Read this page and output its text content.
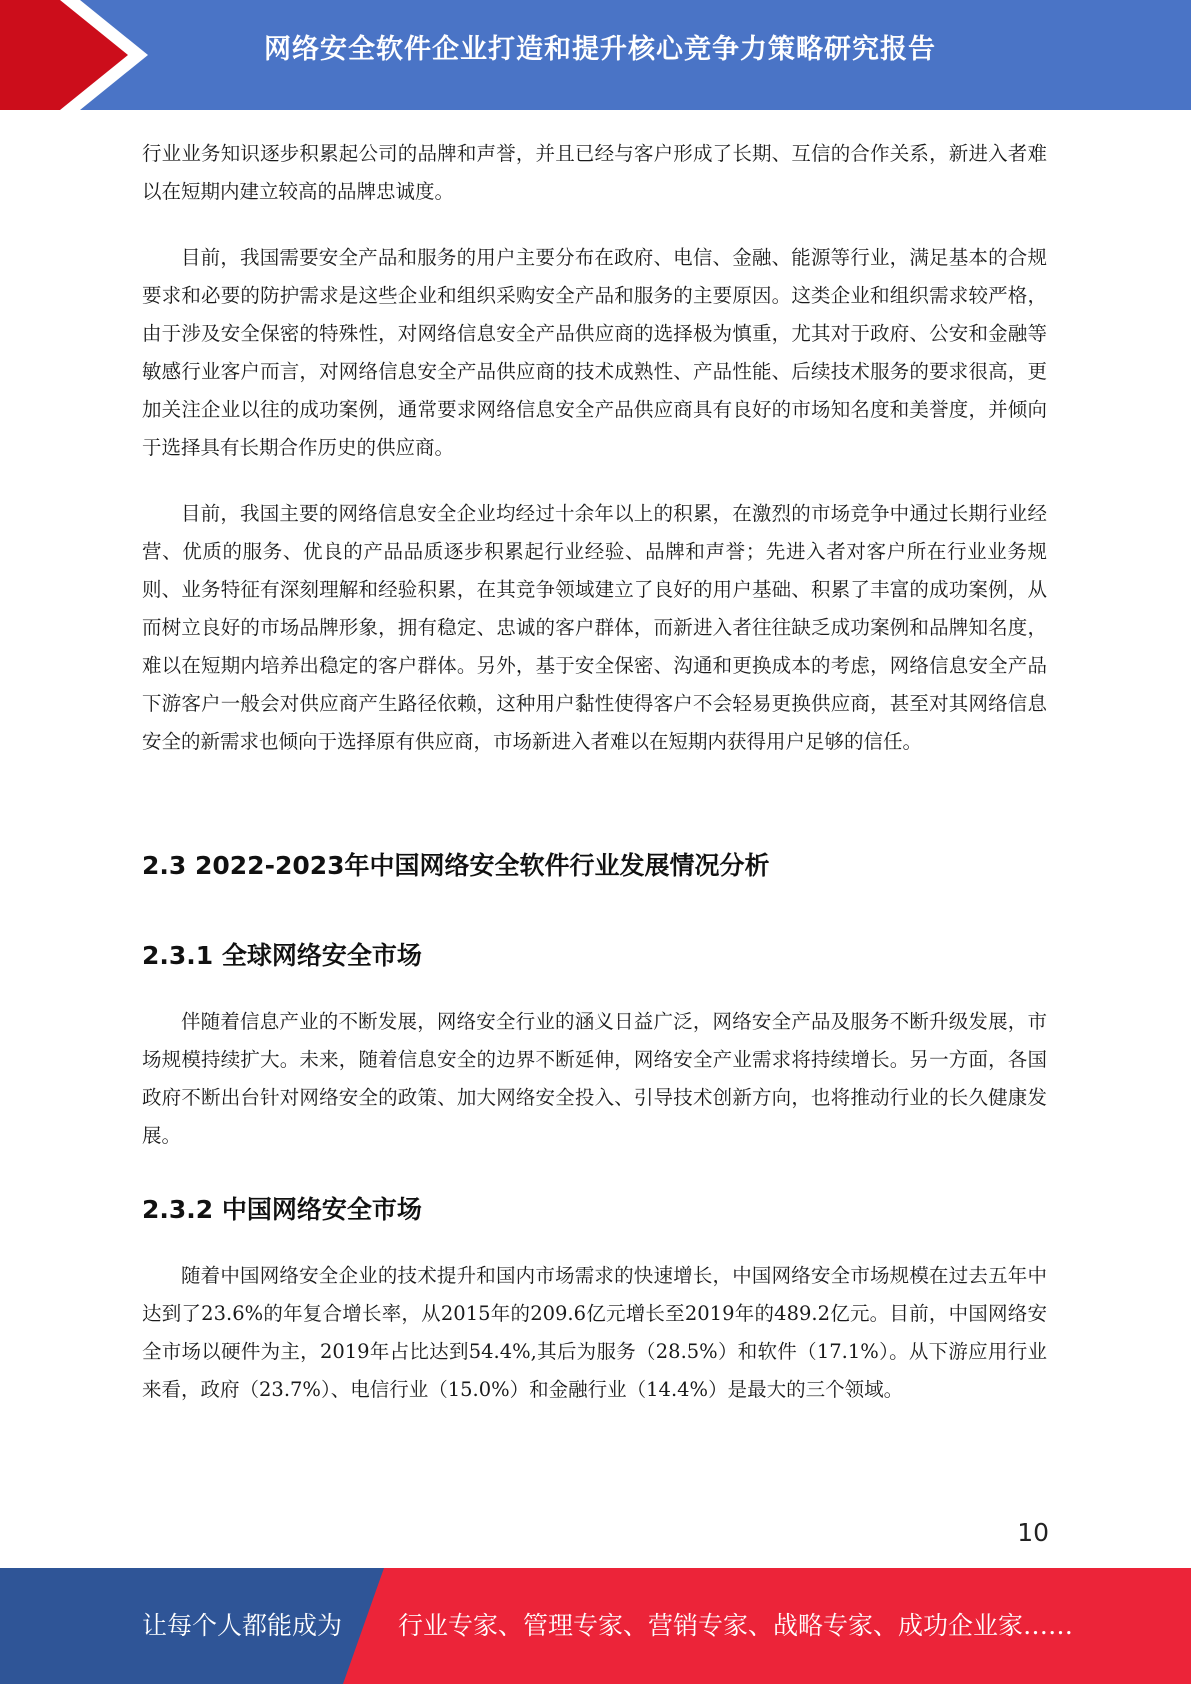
网络安全软件企业打造和提升核心竞争力策略研究报告

行业业务知识逐步积累起公司的品牌和声誉，并且已经与客户形成了长期、互信的合作关系，新进入者难以在短期内建立较高的品牌忠诚度。

目前，我国需要安全产品和服务的用户主要分布在政府、电信、金融、能源等行业，满足基本的合规要求和必要的防护需求是这些企业和组织采购安全产品和服务的主要原因。这类企业和组织需求较严格，由于涉及安全保密的特殊性，对网络信息安全产品供应商的选择极为慎重，尤其对于政府、公安和金融等敏感行业客户而言，对网络信息安全产品供应商的技术成熟性、产品性能、后续技术服务的要求很高，更加关注企业以往的成功案例，通常要求网络信息安全产品供应商具有良好的市场知名度和美誉度，并倾向于选择具有长期合作历史的供应商。

目前，我国主要的网络信息安全企业均经过十余年以上的积累，在激烈的市场竞争中通过长期行业经营、优质的服务、优良的产品品质逐步积累起行业经验、品牌和声誉；先进入者对客户所在行业业务规则、业务特征有深刻理解和经验积累，在其竞争领域建立了良好的用户基础、积累了丰富的成功案例，从而树立良好的市场品牌形象，拥有稳定、忠诚的客户群体，而新进入者往往缺乏成功案例和品牌知名度，难以在短期内培养出稳定的客户群体。另外，基于安全保密、沟通和更换成本的考虑，网络信息安全产品下游客户一般会对供应商产生路径依赖，这种用户黏性使得客户不会轻易更换供应商，甚至对其网络信息安全的新需求也倾向于选择原有供应商，市场新进入者难以在短期内获得用户足够的信任。

2.3 2022-2023年中国网络安全软件行业发展情况分析
2.3.1 全球网络安全市场

伴随着信息产业的不断发展，网络安全行业的涵义日益广泛，网络安全产品及服务不断升级发展，市场规模持续扩大。未来，随着信息安全的边界不断延伸，网络安全产业需求将持续增长。另一方面，各国政府不断出台针对网络安全的政策、加大网络安全投入、引导技术创新方向，也将推动行业的长久健康发展。

2.3.2 中国网络安全市场

随着中国网络安全企业的技术提升和国内市场需求的快速增长，中国网络安全市场规模在过去五年中达到了23.6%的年复合增长率，从2015年的209.6亿元增长至2019年的489.2亿元。目前，中国网络安全市场以硬件为主，2019年占比达到54.4%,其后为服务（28.5%）和软件（17.1%）。从下游应用行业来看，政府（23.7%）、电信行业（15.0%）和金融行业（14.4%）是最大的三个领域。

10
让每个人都能成为 行业专家、管理专家、营销专家、战略专家、成功企业家……
